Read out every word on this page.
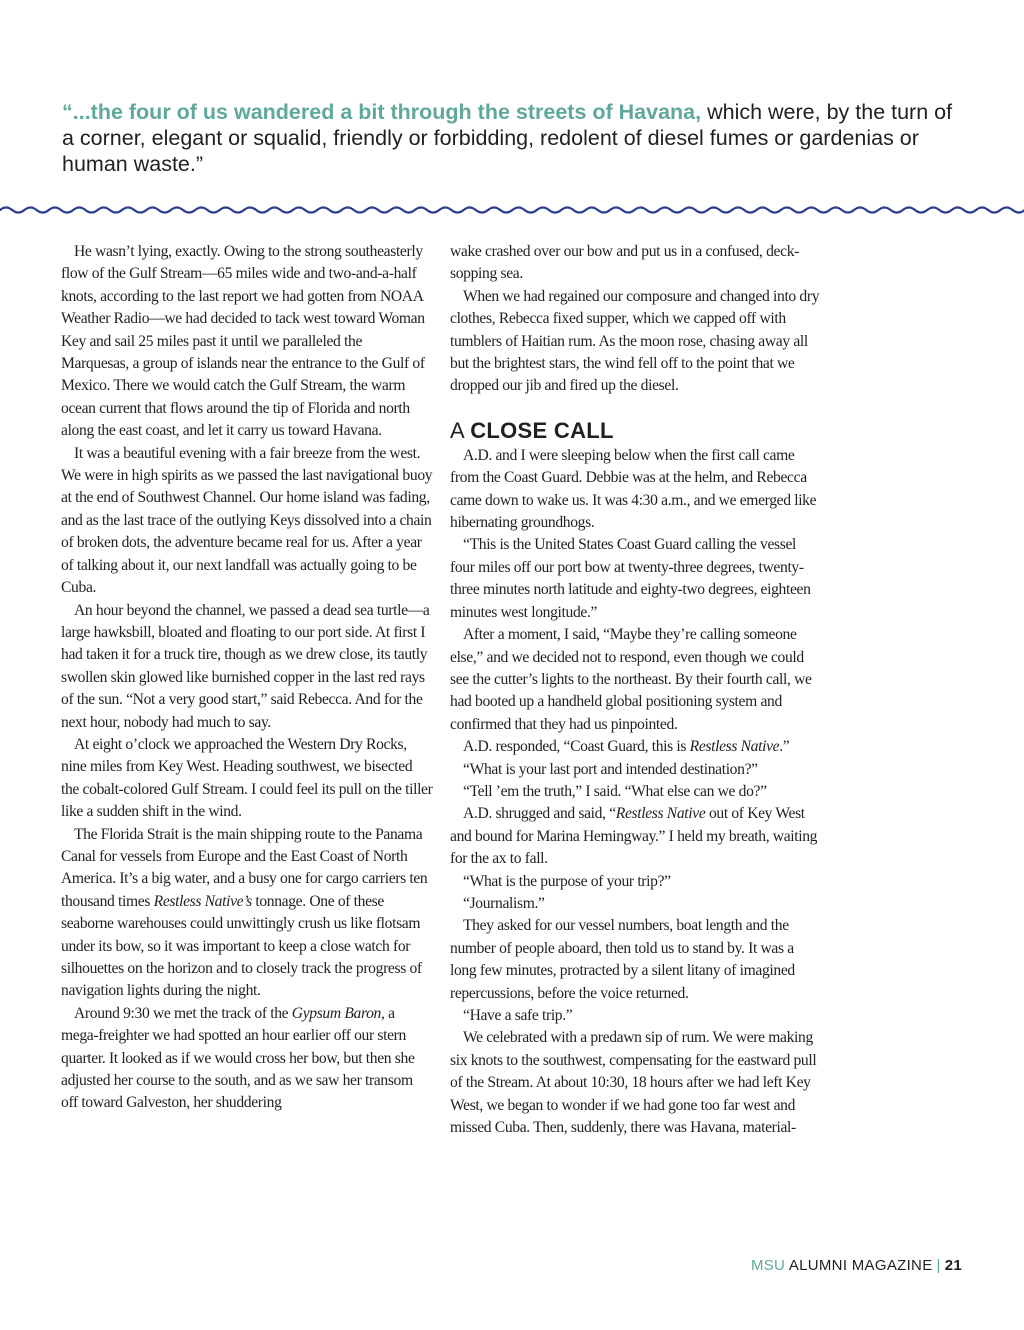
“...the four of us wandered a bit through the streets of Havana, which were, by the turn of a corner, elegant or squalid, friendly or forbidding, redolent of diesel fumes or gardenias or human waste.”

He wasn’t lying, exactly. Owing to the strong southeasterly flow of the Gulf Stream—65 miles wide and two-and-a-half knots, according to the last report we had gotten from NOAA Weather Radio—we had decided to tack west toward Woman Key and sail 25 miles past it until we paralleled the Marquesas, a group of islands near the entrance to the Gulf of Mexico. There we would catch the Gulf Stream, the warm ocean current that flows around the tip of Florida and north along the east coast, and let it carry us toward Havana.

It was a beautiful evening with a fair breeze from the west. We were in high spirits as we passed the last navigational buoy at the end of Southwest Channel. Our home island was fading, and as the last trace of the outlying Keys dissolved into a chain of broken dots, the adventure became real for us. After a year of talking about it, our next landfall was actually going to be Cuba.

An hour beyond the channel, we passed a dead sea turtle—a large hawksbill, bloated and floating to our port side. At first I had taken it for a truck tire, though as we drew close, its tautly swollen skin glowed like burnished copper in the last red rays of the sun. “Not a very good start,” said Rebecca. And for the next hour, nobody had much to say.

At eight o’clock we approached the Western Dry Rocks, nine miles from Key West. Heading southwest, we bisected the cobalt-colored Gulf Stream. I could feel its pull on the tiller like a sudden shift in the wind.

The Florida Strait is the main shipping route to the Panama Canal for vessels from Europe and the East Coast of North America. It’s a big water, and a busy one for cargo carriers ten thousand times Restless Native’s tonnage. One of these seaborne warehouses could unwittingly crush us like flotsam under its bow, so it was important to keep a close watch for silhouettes on the horizon and to closely track the progress of navigation lights during the night.

Around 9:30 we met the track of the Gypsum Baron, a mega-freighter we had spotted an hour earlier off our stern quarter. It looked as if we would cross her bow, but then she adjusted her course to the south, and as we saw her transom off toward Galveston, her shuddering

wake crashed over our bow and put us in a confused, deck-sopping sea.

When we had regained our composure and changed into dry clothes, Rebecca fixed supper, which we capped off with tumblers of Haitian rum. As the moon rose, chasing away all but the brightest stars, the wind fell off to the point that we dropped our jib and fired up the diesel.

A CLOSE CALL

A.D. and I were sleeping below when the first call came from the Coast Guard. Debbie was at the helm, and Rebecca came down to wake us. It was 4:30 a.m., and we emerged like hibernating groundhogs.

“This is the United States Coast Guard calling the vessel four miles off our port bow at twenty-three degrees, twenty-three minutes north latitude and eighty-two degrees, eighteen minutes west longitude.”

After a moment, I said, “Maybe they’re calling someone else,” and we decided not to respond, even though we could see the cutter’s lights to the northeast. By their fourth call, we had booted up a handheld global positioning system and confirmed that they had us pinpointed.

A.D. responded, “Coast Guard, this is Restless Native.”

“What is your last port and intended destination?”

“Tell ’em the truth,” I said. “What else can we do?”

A.D. shrugged and said, “Restless Native out of Key West and bound for Marina Hemingway.” I held my breath, waiting for the ax to fall.

“What is the purpose of your trip?”

“Journalism.”

They asked for our vessel numbers, boat length and the number of people aboard, then told us to stand by. It was a long few minutes, protracted by a silent litany of imagined repercussions, before the voice returned.

“Have a safe trip.”

We celebrated with a predawn sip of rum. We were making six knots to the southwest, compensating for the eastward pull of the Stream. At about 10:30, 18 hours after we had left Key West, we began to wonder if we had gone too far west and missed Cuba. Then, suddenly, there was Havana, material-

MSU ALUMNI MAGAZINE | 21
